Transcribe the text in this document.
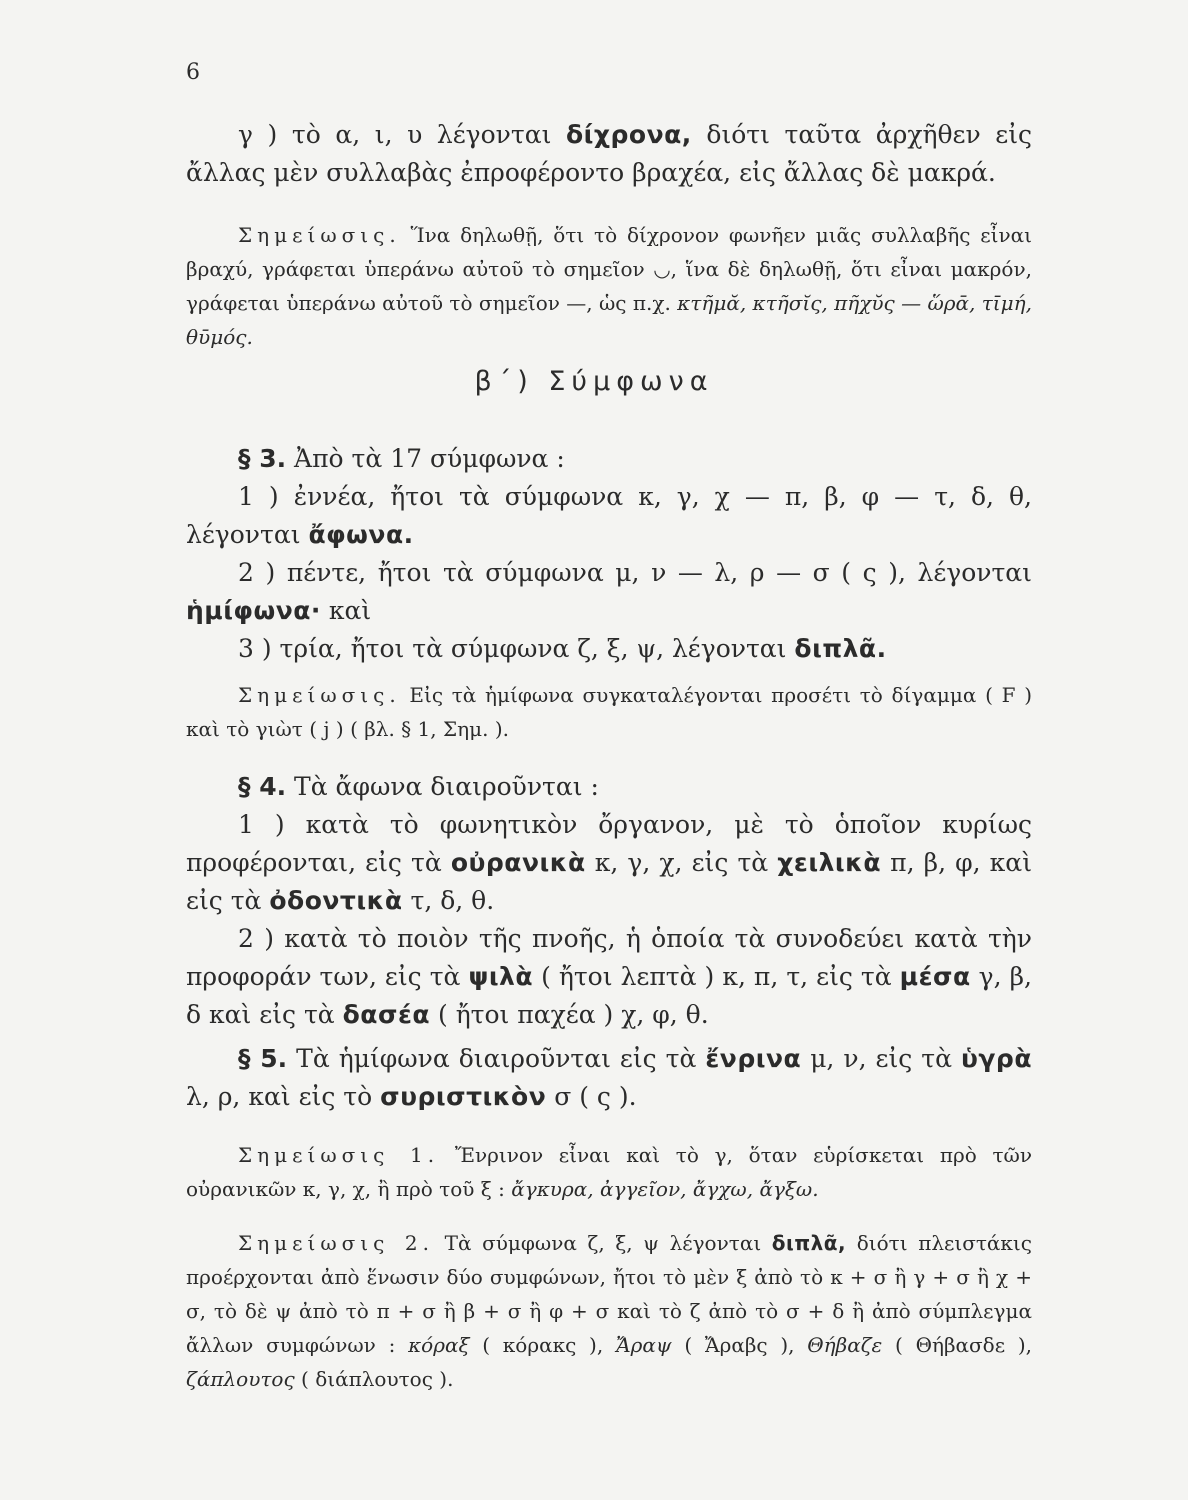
6

γ ) τὸ α, ι, υ λέγονται δίχρονα, διότι ταῦτα ἀρχῆθεν εἰς ἄλλας μὲν συλλαβὰς ἐπροφέροντο βραχέα, εἰς ἄλλας δὲ μακρά.

Σημείωσις. Ἵνα δηλωθῇ, ὅτι τὸ δίχρονον φωνῆεν μιᾶς συλλαβῆς εἶναι βραχύ, γράφεται ὑπεράνω αὐτοῦ τὸ σημεῖον ◡, ἵνα δὲ δηλωθῇ, ὅτι εἶναι μακρόν, γράφεται ὑπεράνω αὐτοῦ τὸ σημεῖον —, ὡς π.χ. κτῆμᾰ, κτῆσῐς, πῆχῠς — ὥρᾱ, τῑμή, θῡμός.

β΄) Σύμφωνα

§ 3. Ἀπὸ τὰ 17 σύμφωνα :

1 ) ἐννέα, ἤτοι τὰ σύμφωνα κ, γ, χ — π, β, φ — τ, δ, θ, λέγονται ἄφωνα.

2 ) πέντε, ἤτοι τὰ σύμφωνα μ, ν — λ, ρ — σ ( ς ), λέγονται ἡμίφωνα· καὶ

3 ) τρία, ἤτοι τὰ σύμφωνα ζ, ξ, ψ, λέγονται διπλᾶ.

Σημείωσις. Εἰς τὰ ἡμίφωνα συγκαταλέγονται προσέτι τὸ δίγαμμα ( F ) καὶ τὸ γιὼτ ( j ) ( βλ. § 1, Σημ. ).

§ 4. Τὰ ἄφωνα διαιροῦνται :

1 ) κατὰ τὸ φωνητικὸν ὄργανον, μὲ τὸ ὁποῖον κυρίως προφέρονται, εἰς τὰ οὐρανικὰ κ, γ, χ, εἰς τὰ χειλικὰ π, β, φ, καὶ εἰς τὰ ὀδοντικὰ τ, δ, θ.

2 ) κατὰ τὸ ποιὸν τῆς πνοῆς, ἡ ὁποία τὰ συνοδεύει κατὰ τὴν προφοράν των, εἰς τὰ ψιλὰ ( ἤτοι λεπτὰ ) κ, π, τ, εἰς τὰ μέσα γ, β, δ καὶ εἰς τὰ δασέα ( ἤτοι παχέα ) χ, φ, θ.

§ 5. Τὰ ἡμίφωνα διαιροῦνται εἰς τὰ ἔνρινα μ, ν, εἰς τὰ ὑγρὰ λ, ρ, καὶ εἰς τὸ συριστικὸν σ ( ς ).

Σημείωσις 1. Ἔνρινον εἶναι καὶ τὸ γ, ὅταν εὑρίσκεται πρὸ τῶν οὐρανικῶν κ, γ, χ, ἢ πρὸ τοῦ ξ : ἄγκυρα, ἀγγεῖον, ἄγχω, ἄγξω.

Σημείωσις 2. Τὰ σύμφωνα ζ, ξ, ψ λέγονται διπλᾶ, διότι πλειστάκις προέρχονται ἀπὸ ἕνωσιν δύο συμφώνων, ἤτοι τὸ μὲν ξ ἀπὸ τὸ κ + σ ἢ γ + σ ἢ χ + σ, τὸ δὲ ψ ἀπὸ τὸ π + σ ἢ β + σ ἢ φ + σ καὶ τὸ ζ ἀπὸ τὸ σ + δ ἢ ἀπὸ σύμπλεγμα ἄλλων συμφώνων : κόραξ ( κόρακς ), Ἄραψ ( Ἄραβς ), Θήβαζε ( Θήβασδε ), ζάπλουτος ( διάπλουτος ).
